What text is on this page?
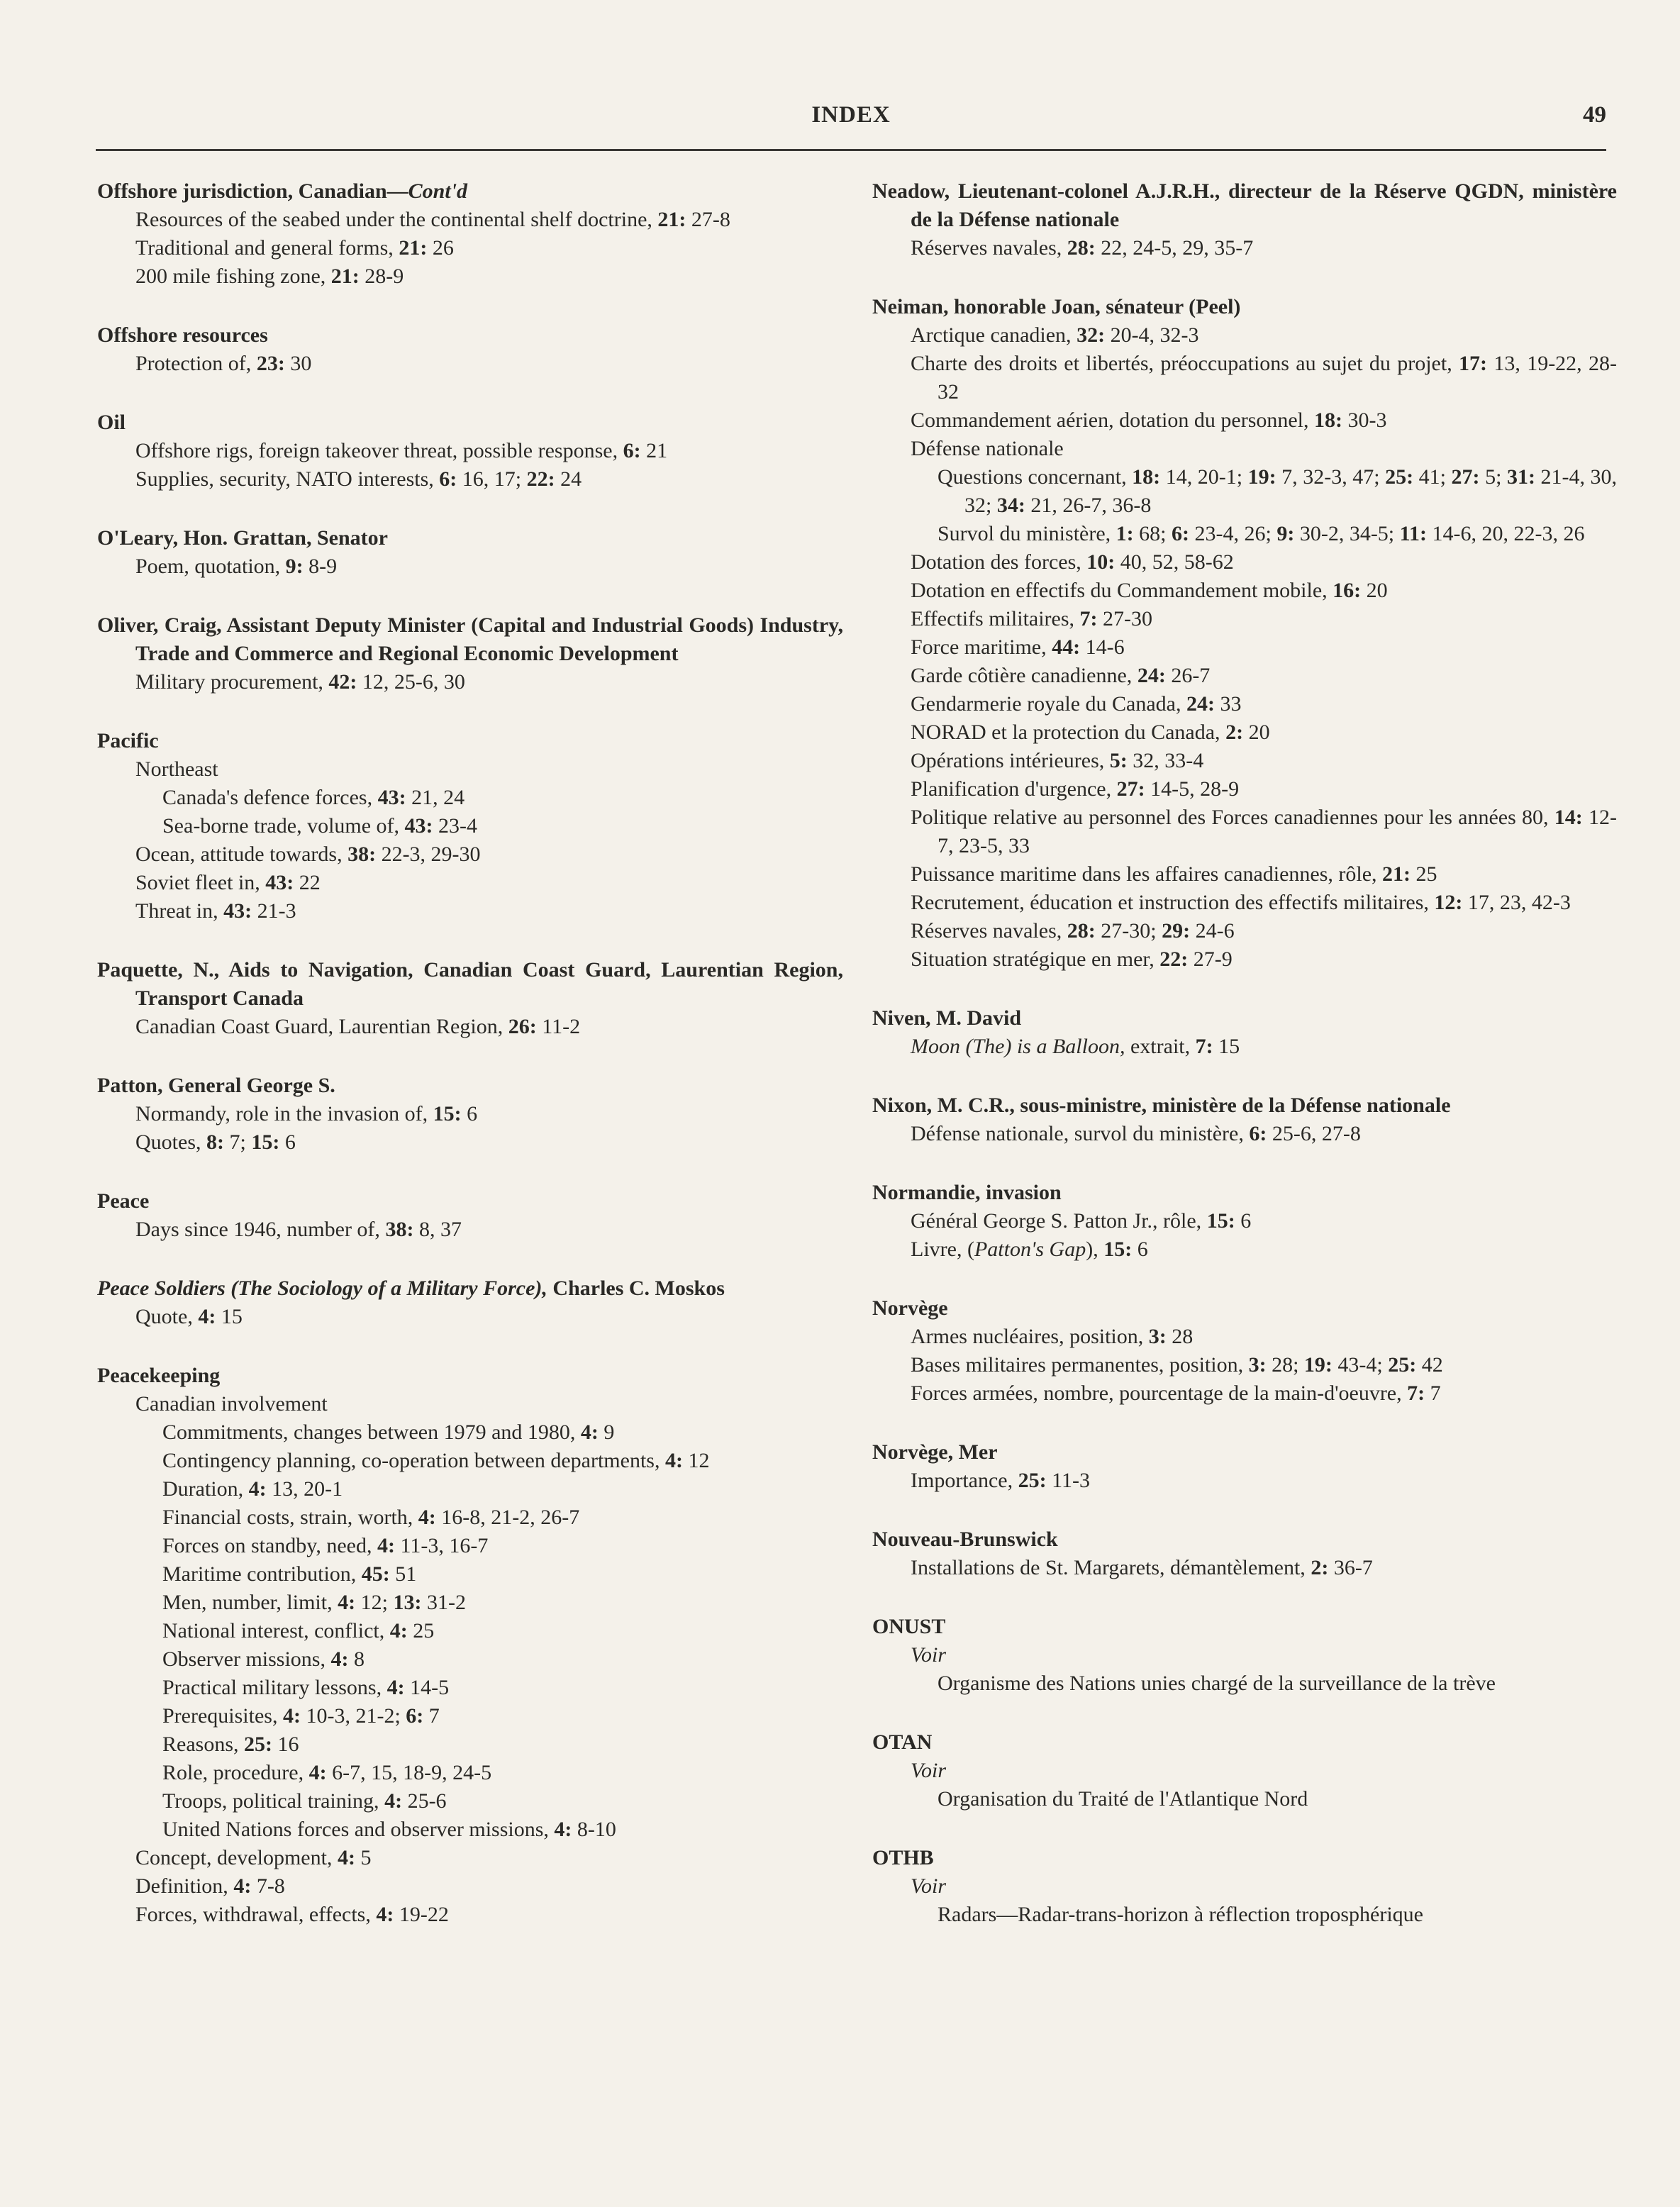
INDEX	49
Offshore jurisdiction, Canadian—Cont'd
Resources of the seabed under the continental shelf doctrine, 21: 27-8
Traditional and general forms, 21: 26
200 mile fishing zone, 21: 28-9
Offshore resources
Protection of, 23: 30
Oil
Offshore rigs, foreign takeover threat, possible response, 6: 21
Supplies, security, NATO interests, 6: 16, 17; 22: 24
O'Leary, Hon. Grattan, Senator
Poem, quotation, 9: 8-9
Oliver, Craig, Assistant Deputy Minister (Capital and Industrial Goods) Industry, Trade and Commerce and Regional Economic Development
Military procurement, 42: 12, 25-6, 30
Pacific
Northeast
Canada's defence forces, 43: 21, 24
Sea-borne trade, volume of, 43: 23-4
Ocean, attitude towards, 38: 22-3, 29-30
Soviet fleet in, 43: 22
Threat in, 43: 21-3
Paquette, N., Aids to Navigation, Canadian Coast Guard, Laurentian Region, Transport Canada
Canadian Coast Guard, Laurentian Region, 26: 11-2
Patton, General George S.
Normandy, role in the invasion of, 15: 6
Quotes, 8: 7; 15: 6
Peace
Days since 1946, number of, 38: 8, 37
Peace Soldiers (The Sociology of a Military Force), Charles C. Moskos
Quote, 4: 15
Peacekeeping
Canadian involvement
Commitments, changes between 1979 and 1980, 4: 9
Contingency planning, co-operation between departments, 4: 12
Duration, 4: 13, 20-1
Financial costs, strain, worth, 4: 16-8, 21-2, 26-7
Forces on standby, need, 4: 11-3, 16-7
Maritime contribution, 45: 51
Men, number, limit, 4: 12; 13: 31-2
National interest, conflict, 4: 25
Observer missions, 4: 8
Practical military lessons, 4: 14-5
Prerequisites, 4: 10-3, 21-2; 6: 7
Reasons, 25: 16
Role, procedure, 4: 6-7, 15, 18-9, 24-5
Troops, political training, 4: 25-6
United Nations forces and observer missions, 4: 8-10
Concept, development, 4: 5
Definition, 4: 7-8
Forces, withdrawal, effects, 4: 19-22
Neadow, Lieutenant-colonel A.J.R.H., directeur de la Réserve QGDN, ministère de la Défense nationale
Réserves navales, 28: 22, 24-5, 29, 35-7
Neiman, honorable Joan, sénateur (Peel)
Arctique canadien, 32: 20-4, 32-3
Charte des droits et libertés, préoccupations au sujet du projet, 17: 13, 19-22, 28-32
Commandement aérien, dotation du personnel, 18: 30-3
Défense nationale
Questions concernant, 18: 14, 20-1; 19: 7, 32-3, 47; 25: 41; 27: 5; 31: 21-4, 30, 32; 34: 21, 26-7, 36-8
Survol du ministère, 1: 68; 6: 23-4, 26; 9: 30-2, 34-5; 11: 14-6, 20, 22-3, 26
Dotation des forces, 10: 40, 52, 58-62
Dotation en effectifs du Commandement mobile, 16: 20
Effectifs militaires, 7: 27-30
Force maritime, 44: 14-6
Garde côtière canadienne, 24: 26-7
Gendarmerie royale du Canada, 24: 33
NORAD et la protection du Canada, 2: 20
Opérations intérieures, 5: 32, 33-4
Planification d'urgence, 27: 14-5, 28-9
Politique relative au personnel des Forces canadiennes pour les années 80, 14: 12-7, 23-5, 33
Puissance maritime dans les affaires canadiennes, rôle, 21: 25
Recrutement, éducation et instruction des effectifs militaires, 12: 17, 23, 42-3
Réserves navales, 28: 27-30; 29: 24-6
Situation stratégique en mer, 22: 27-9
Niven, M. David
Moon (The) is a Balloon, extrait, 7: 15
Nixon, M. C.R., sous-ministre, ministère de la Défense nationale
Défense nationale, survol du ministère, 6: 25-6, 27-8
Normandie, invasion
Général George S. Patton Jr., rôle, 15: 6
Livre, (Patton's Gap), 15: 6
Norvège
Armes nucléaires, position, 3: 28
Bases militaires permanentes, position, 3: 28; 19: 43-4; 25: 42
Forces armées, nombre, pourcentage de la main-d'oeuvre, 7: 7
Norvège, Mer
Importance, 25: 11-3
Nouveau-Brunswick
Installations de St. Margarets, démantèlement, 2: 36-7
ONUST
Voir
Organisme des Nations unies chargé de la surveillance de la trève
OTAN
Voir
Organisation du Traité de l'Atlantique Nord
OTHB
Voir
Radars—Radar-trans-horizon à réflection troposphérique
